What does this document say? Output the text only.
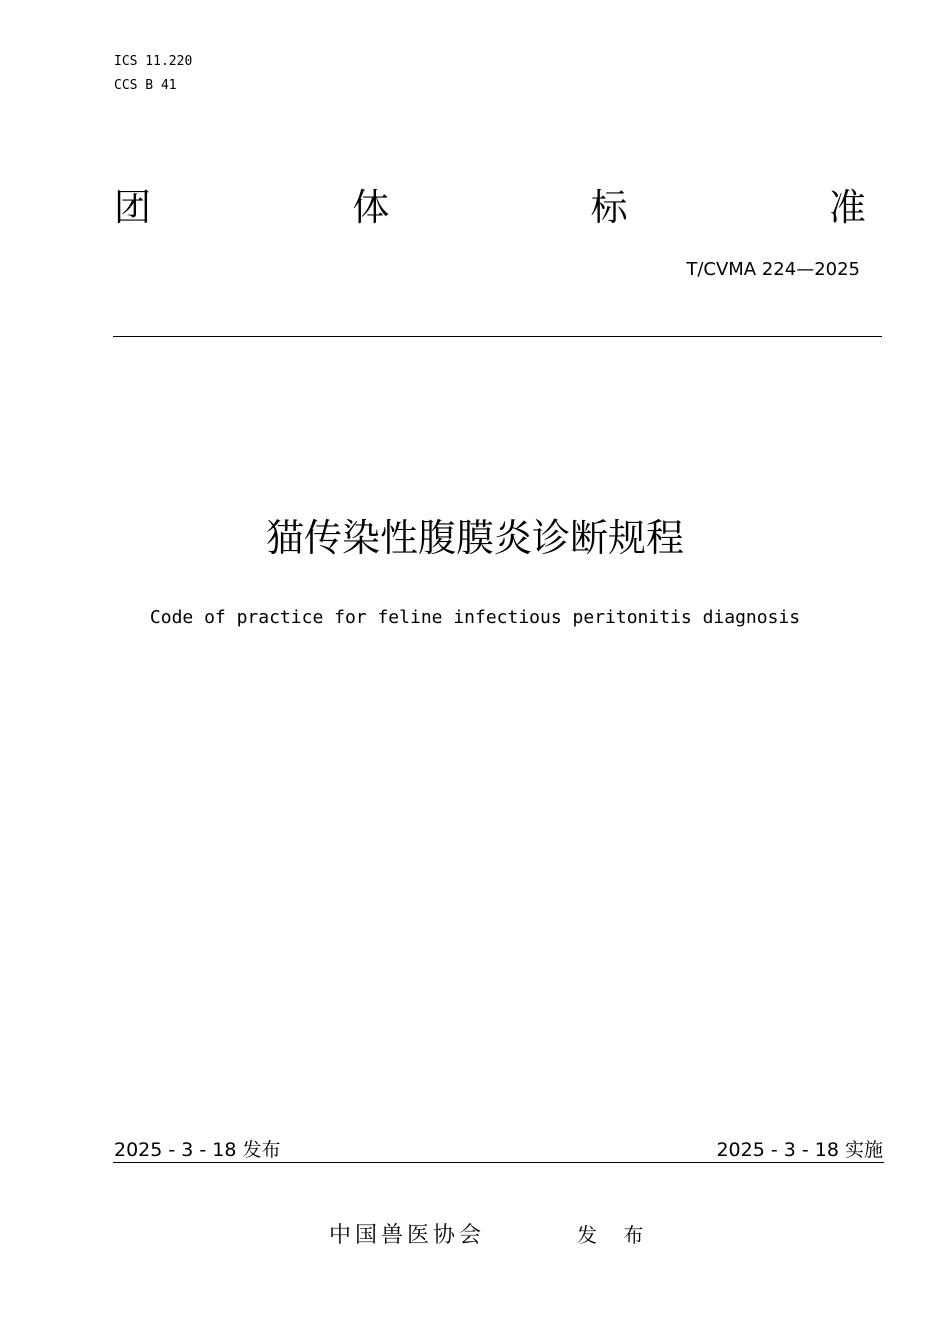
ICS 11.220
CCS B 41
团	体	标	准
T/CVMA 224—2025
猫传染性腹膜炎诊断规程
Code of practice for feline infectious peritonitis diagnosis
2025 - 3 - 18 发布	2025 - 3 - 18 实施
中国兽医协会	发 布
